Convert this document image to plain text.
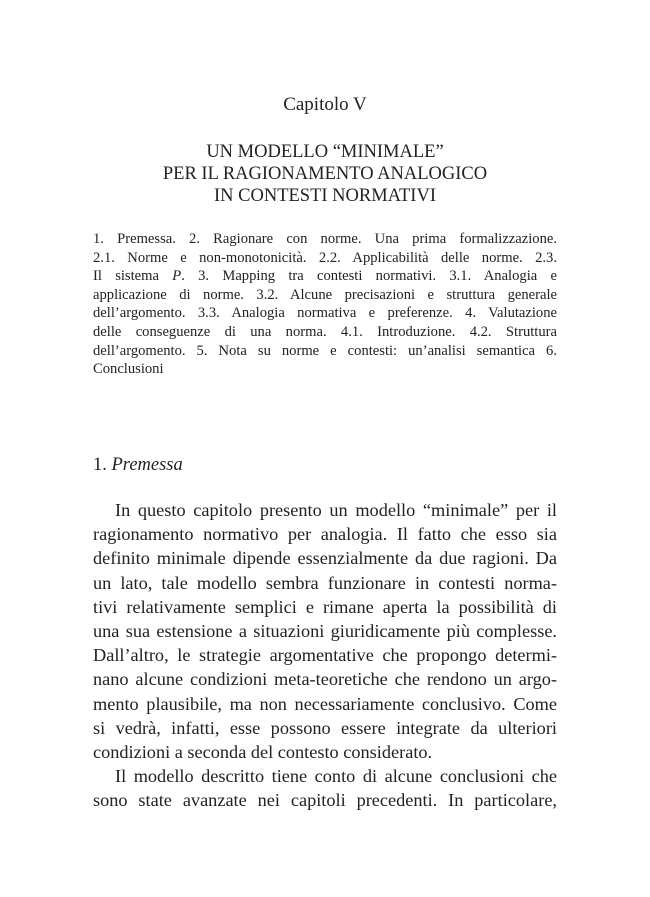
Capitolo V
UN MODELLO “MINIMALE”
PER IL RAGIONAMENTO ANALOGICO
IN CONTESTI NORMATIVI
1. Premessa. 2. Ragionare con norme. Una prima formalizzazione.
2.1. Norme e non-monotonicità. 2.2. Applicabilità delle norme. 2.3.
Il sistema P. 3. Mapping tra contesti normativi. 3.1. Analogia e
applicazione di norme. 3.2. Alcune precisazioni e struttura generale
dell’argomento. 3.3. Analogia normativa e preferenze. 4. Valutazione
delle conseguenze di una norma. 4.1. Introduzione. 4.2. Struttura
dell’argomento. 5. Nota su norme e contesti: un’analisi semantica 6.
Conclusioni
1. Premessa
In questo capitolo presento un modello “minimale” per il
ragionamento normativo per analogia. Il fatto che esso sia
definito minimale dipende essenzialmente da due ragioni. Da
un lato, tale modello sembra funzionare in contesti norma-
tivi relativamente semplici e rimane aperta la possibilità di
una sua estensione a situazioni giuridicamente più complesse.
Dall’altro, le strategie argomentative che propongo determi-
nano alcune condizioni meta-teoretiche che rendono un argo-
mento plausibile, ma non necessariamente conclusivo. Come
si vedrà, infatti, esse possono essere integrate da ulteriori
condizioni a seconda del contesto considerato.
Il modello descritto tiene conto di alcune conclusioni che
sono state avanzate nei capitoli precedenti. In particolare,
